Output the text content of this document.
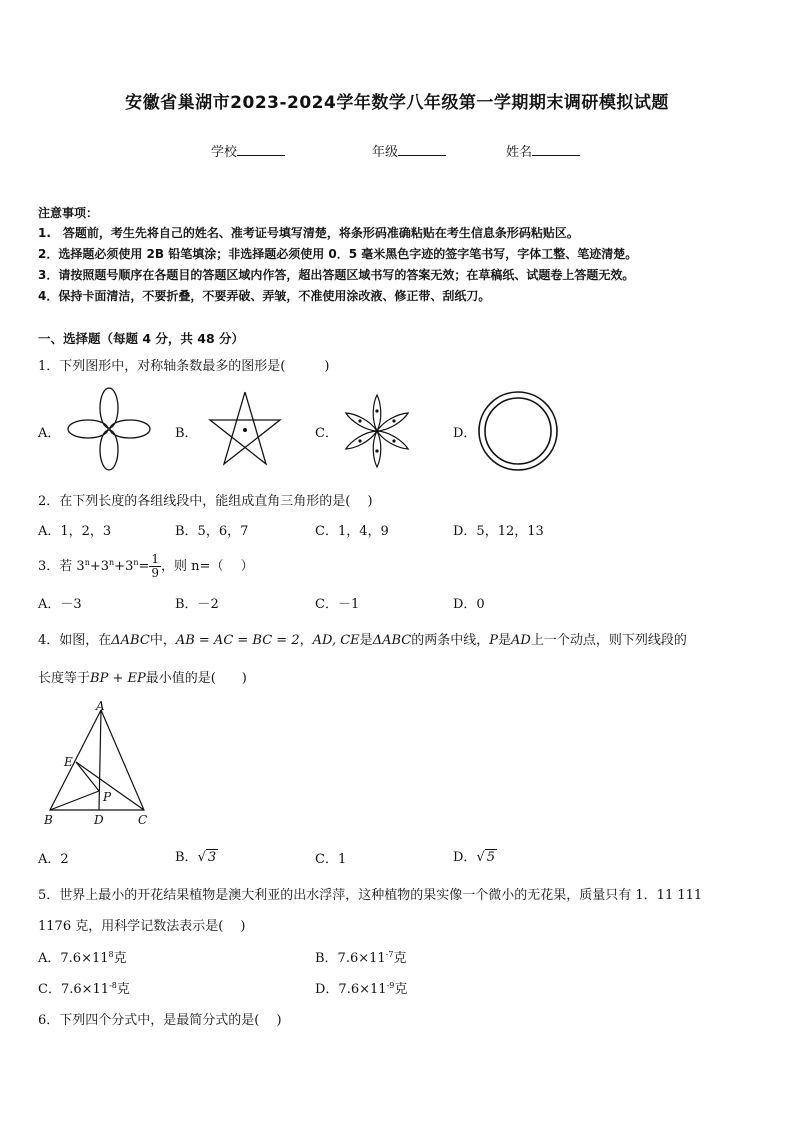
安徽省巢湖市2023-2024学年数学八年级第一学期期末调研模拟试题
学校	年级	姓名
注意事项：
1.　答题前，考生先将自己的姓名、准考证号填写清楚，将条形码准确粘贴在考生信息条形码粘贴区。
2．选择题必须使用 2B 铅笔填涂；非选择题必须使用 0．5 毫米黑色字迹的签字笔书写，字体工整、笔迹清楚。
3．请按照题号顺序在各题目的答题区域内作答，超出答题区域书写的答案无效；在草稿纸、试题卷上答题无效。
4．保持卡面清洁，不要折叠，不要弄破、弄皱，不准使用涂改液、修正带、刮纸刀。
一、选择题（每题 4 分，共 48 分）
1．下列图形中，对称轴条数最多的图形是(　　　)
A．	B．	C．	D．
2．在下列长度的各组线段中，能组成直角三角形的是(　 )
A．1，2，3	B．5，6，7	C．1，4，9	D．5，12，13
3．若 $3^n+3^n+3^n= \frac{1}{9}$ ，则 n=（　 ）
A．－3	B．－2	C．－1	D．0
4．如图，在ΔABC中，AB = AC = BC = 2，AD, CE是ΔABC的两条中线，P是AD上一个动点，则下列线段的
长度等于BP + EP最小值的是(　　)
A
E
P
B	D	C
A．2	B．√ 3	C．1	D．√ 5
5．世界上最小的开花结果植物是澳大利亚的出水浮萍，这种植物的果实像一个微小的无花果，质量只有 1．11 111
1176 克，用科学记数法表示是(　 )
A．$7.6\times 11^8$克	B．$7.6\times 11^{-7}$克
C．$7.6\times 11^{-8}$克	D．$7.6\times 11^{-9}$克
6．下列四个分式中，是最简分式的是(　 )
